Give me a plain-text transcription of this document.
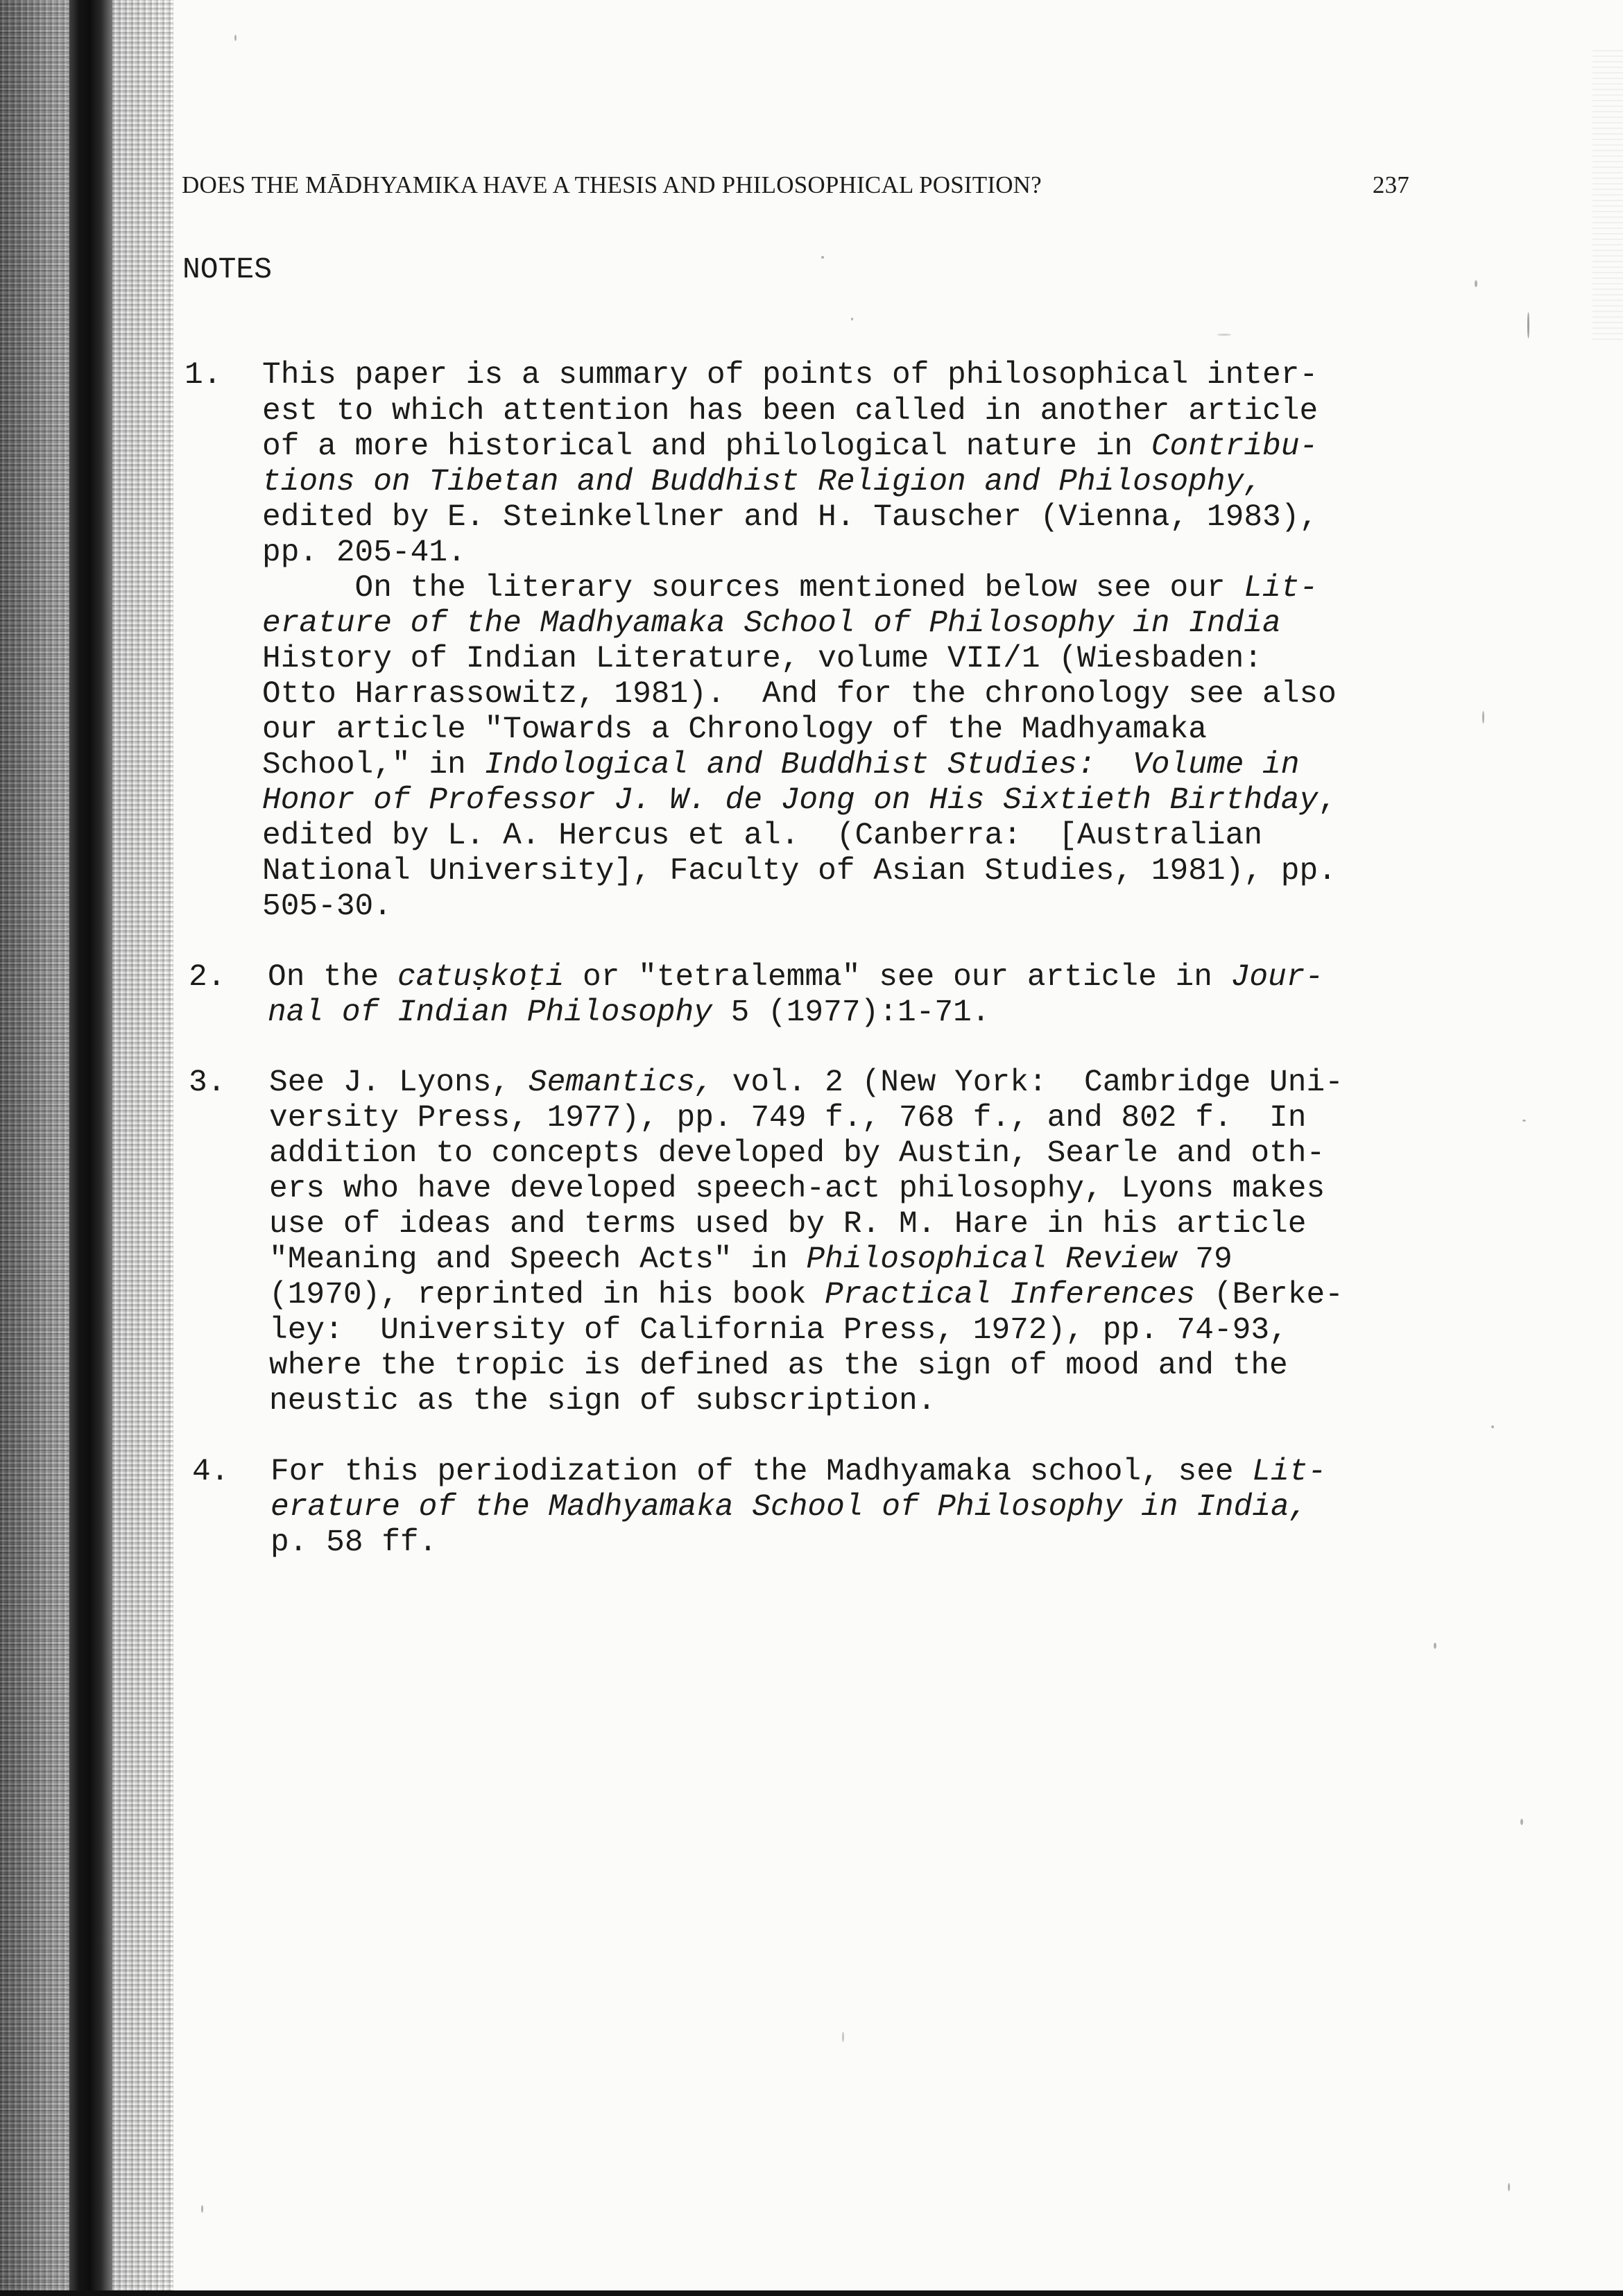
DOES THE MĀDHYAMIKA HAVE A THESIS AND PHILOSOPHICAL POSITION?	237
NOTES
1. This paper is a summary of points of philosophical inter-
est to which attention has been called in another article
of a more historical and philological nature in Contribu-
tions on Tibetan and Buddhist Religion and Philosophy,
edited by E. Steinkellner and H. Tauscher (Vienna, 1983),
pp. 205-41.
On the literary sources mentioned below see our Lit-
erature of the Madhyamaka School of Philosophy in India
History of Indian Literature, volume VII/1 (Wiesbaden:
Otto Harrassowitz, 1981).  And for the chronology see also
our article "Towards a Chronology of the Madhyamaka
School," in Indological and Buddhist Studies:  Volume in
Honor of Professor J. W. de Jong on His Sixtieth Birthday,
edited by L. A. Hercus et al.  (Canberra:  [Australian
National University], Faculty of Asian Studies, 1981), pp.
505-30.
2. On the catuṣkoṭi or "tetralemma" see our article in Jour-
nal of Indian Philosophy 5 (1977):1-71.
3. See J. Lyons, Semantics, vol. 2 (New York:  Cambridge Uni-
versity Press, 1977), pp. 749 f., 768 f., and 802 f.  In
addition to concepts developed by Austin, Searle and oth-
ers who have developed speech-act philosophy, Lyons makes
use of ideas and terms used by R. M. Hare in his article
"Meaning and Speech Acts" in Philosophical Review 79
(1970), reprinted in his book Practical Inferences (Berke-
ley:  University of California Press, 1972), pp. 74-93,
where the tropic is defined as the sign of mood and the
neustic as the sign of subscription.
4. For this periodization of the Madhyamaka school, see Lit-
erature of the Madhyamaka School of Philosophy in India,
p. 58 ff.
